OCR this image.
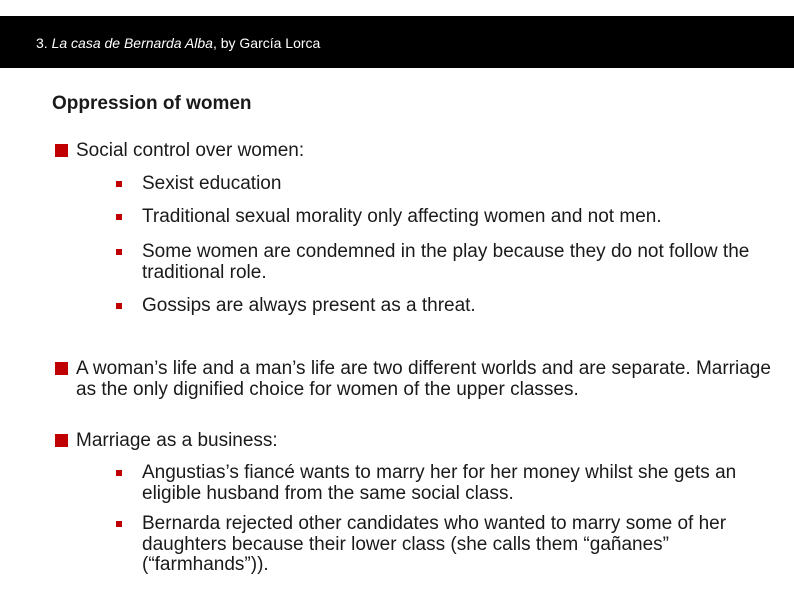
3. La casa de Bernarda Alba, by García Lorca

Oppression of women

Social control over women:

Sexist education

Traditional sexual morality only affecting women and not men.

Some women are condemned in the play because they do not follow the traditional role.

Gossips are always present as a threat.

A woman’s life and a man’s life are two different worlds and are separate. Marriage as the only dignified choice for women of the upper classes.

Marriage as a business:

Angustias’s fiancé wants to marry her for her money whilst she gets an eligible husband from the same social class.

Bernarda rejected other candidates who wanted to marry some of her daughters because their lower class (she calls them “gañanes” (“farmhands”)).
